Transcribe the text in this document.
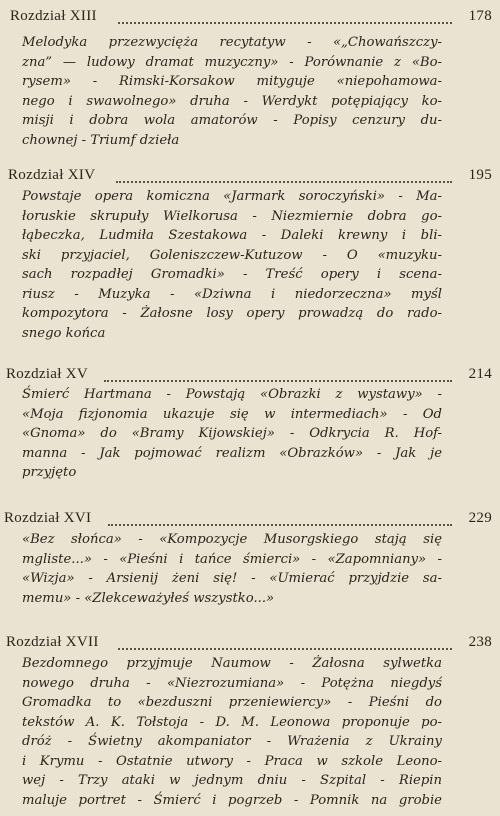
Rozdział XIII	178
Melodyka przezwycięża recytatyw - «„Chowańszczy-
zna” — ludowy dramat muzyczny» - Porównanie z «Bo-
rysem» - Rimski-Korsakow mityguje «niepohamowa-
nego i swawolnego» druha - Werdykt potępiający ko-
misji i dobra wola amatorów - Popisy cenzury du-
chownej - Triumf dzieła
Rozdział XIV	195
Powstaje opera komiczna «Jarmark soroczyński» - Ma-
łoruskie skrupuły Wielkorusa - Niezmiernie dobra go-
łąbeczka, Ludmiła Szestakowa - Daleki krewny i bli-
ski przyjaciel, Goleniszczew-Kutuzow - O «muzyku-
sach rozpadłej Gromadki» - Treść opery i scena-
riusz - Muzyka - «Dziwna i niedorzeczna» myśl
kompozytora - Żałosne losy opery prowadzą do rado-
snego końca
Rozdział XV	214
Śmierć Hartmana - Powstają «Obrazki z wystawy» -
«Moja fizjonomia ukazuje się w intermediach» - Od
«Gnoma» do «Bramy Kijowskiej» - Odkrycia R. Hof-
manna - Jak pojmować realizm «Obrazków» - Jak je
przyjęto
Rozdział XVI	229
«Bez słońca» - «Kompozycje Musorgskiego stają się
mgliste...» - «Pieśni i tańce śmierci» - «Zapomniany» -
«Wizja» - Arsienij żeni się! - «Umierać przyjdzie sa-
memu» - «Zlekceważyłeś wszystko...»
Rozdział XVII	238
Bezdomnego przyjmuje Naumow - Żałosna sylwetka
nowego druha - «Niezrozumiana» - Potężna niegdyś
Gromadka to «bezduszni przeniewiercy» - Pieśni do
tekstów A. K. Tołstoja - D. M. Leonowa proponuje po-
dróż - Świetny akompaniator - Wrażenia z Ukrainy
i Krymu - Ostatnie utwory - Praca w szkole Leono-
wej - Trzy ataki w jednym dniu - Szpital - Riepin
maluje portret - Śmierć i pogrzeb - Pomnik na grobie
